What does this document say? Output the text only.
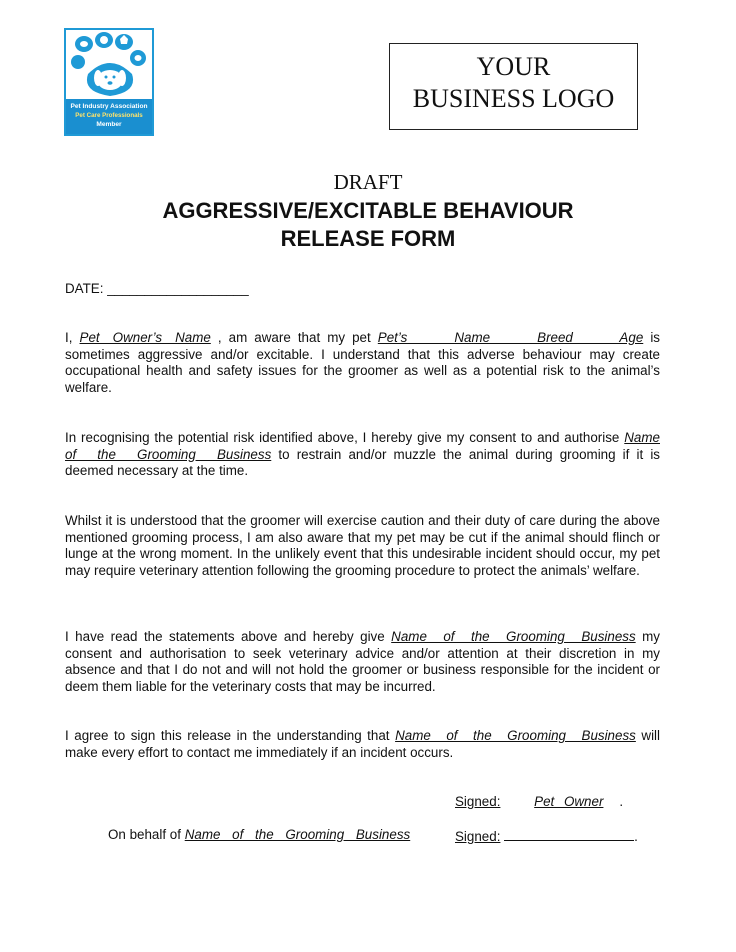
Pet Industry Association
Pet Care Professionals
Member
YOUR
BUSINESS LOGO
DRAFT
AGGRESSIVE/EXCITABLE BEHAVIOUR
RELEASE FORM

DATE: ___________________

I, Pet Owner’s Name , am aware that my pet Pet’s Name Breed Age is sometimes aggressive and/or excitable. I understand that this adverse behaviour may create occupational health and safety issues for the groomer as well as a potential risk to the animal’s welfare.

In recognising the potential risk identified above, I hereby give my consent to and authorise Name of the Grooming Business to restrain and/or muzzle the animal during grooming if it is deemed necessary at the time.

Whilst it is understood that the groomer will exercise caution and their duty of care during the above mentioned grooming process, I am also aware that my pet may be cut if the animal should flinch or lunge at the wrong moment. In the unlikely event that this undesirable incident should occur, my pet may require veterinary attention following the grooming procedure to protect the animals’ welfare.

I have read the statements above and hereby give Name of the Grooming Business my consent and authorisation to seek veterinary advice and/or attention at their discretion in my absence and that I do not and will not hold the groomer or business responsible for the incident or deem them liable for the veterinary costs that may be incurred.

I agree to sign this release in the understanding that Name of the Grooming Business will make every effort to contact me immediately if an incident occurs.

Signed:	Pet Owner .
On behalf of Name of the Grooming Business	Signed:	.
